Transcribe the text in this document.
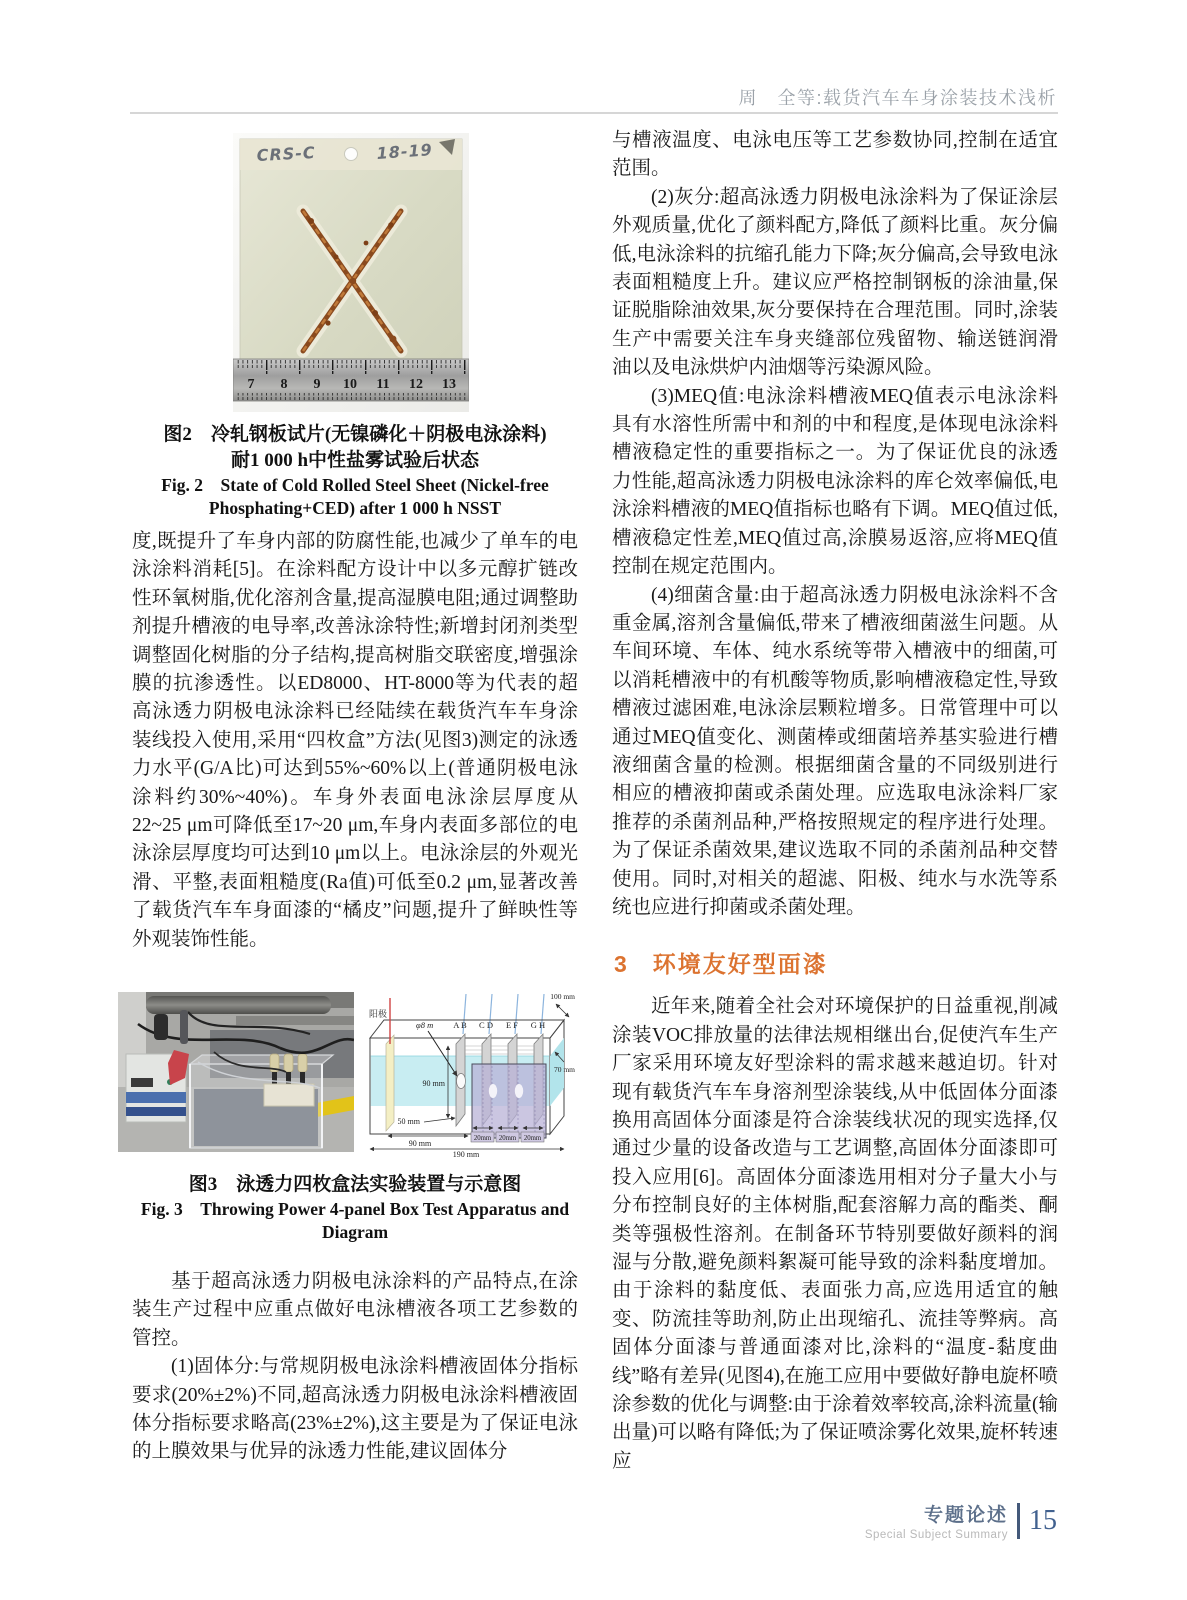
周　全等:载货汽车车身涂装技术浅析
CRS-C	18-19
7 8 9 10 11 12 13
图2　冷轧钢板试片(无镍磷化＋阴极电泳涂料)
耐1 000 h中性盐雾试验后状态
Fig. 2　State of Cold Rolled Steel Sheet (Nickel-free
Phosphating+CED) after 1 000 h NSST

度,既提升了车身内部的防腐性能,也减少了单车的电泳涂料消耗[5]。在涂料配方设计中以多元醇扩链改性环氧树脂,优化溶剂含量,提高湿膜电阻;通过调整助剂提升槽液的电导率,改善泳涂特性;新增封闭剂类型调整固化树脂的分子结构,提高树脂交联密度,增强涂膜的抗渗透性。以ED8000、HT-8000等为代表的超高泳透力阴极电泳涂料已经陆续在载货汽车车身涂装线投入使用,采用“四枚盒”方法(见图3)测定的泳透力水平(G/A比)可达到55%~60%以上(普通阴极电泳涂料约30%~40%)。车身外表面电泳涂层厚度从22~25 μm可降低至17~20 μm,车身内表面多部位的电泳涂层厚度均可达到10 μm以上。电泳涂层的外观光滑、平整,表面粗糙度(Ra值)可低至0.2 μm,显著改善了载货汽车车身面漆的“橘皮”问题,提升了鲜映性等外观装饰性能。

阳极
A B C D E F G H
φ8 m
90 mm
50 mm
20mm 20mm 20mm
90 mm
190 mm
100 mm
70 mm
图3　泳透力四枚盒法实验装置与示意图
Fig. 3　Throwing Power 4-panel Box Test Apparatus and
Diagram

基于超高泳透力阴极电泳涂料的产品特点,在涂装生产过程中应重点做好电泳槽液各项工艺参数的管控。

(1)固体分:与常规阴极电泳涂料槽液固体分指标要求(20%±2%)不同,超高泳透力阴极电泳涂料槽液固体分指标要求略高(23%±2%),这主要是为了保证电泳的上膜效果与优异的泳透力性能,建议固体分

与槽液温度、电泳电压等工艺参数协同,控制在适宜范围。

(2)灰分:超高泳透力阴极电泳涂料为了保证涂层外观质量,优化了颜料配方,降低了颜料比重。灰分偏低,电泳涂料的抗缩孔能力下降;灰分偏高,会导致电泳表面粗糙度上升。建议应严格控制钢板的涂油量,保证脱脂除油效果,灰分要保持在合理范围。同时,涂装生产中需要关注车身夹缝部位残留物、输送链润滑油以及电泳烘炉内油烟等污染源风险。

(3)MEQ值:电泳涂料槽液MEQ值表示电泳涂料具有水溶性所需中和剂的中和程度,是体现电泳涂料槽液稳定性的重要指标之一。为了保证优良的泳透力性能,超高泳透力阴极电泳涂料的库仑效率偏低,电泳涂料槽液的MEQ值指标也略有下调。MEQ值过低,槽液稳定性差,MEQ值过高,涂膜易返溶,应将MEQ值控制在规定范围内。

(4)细菌含量:由于超高泳透力阴极电泳涂料不含重金属,溶剂含量偏低,带来了槽液细菌滋生问题。从车间环境、车体、纯水系统等带入槽液中的细菌,可以消耗槽液中的有机酸等物质,影响槽液稳定性,导致槽液过滤困难,电泳涂层颗粒增多。日常管理中可以通过MEQ值变化、测菌棒或细菌培养基实验进行槽液细菌含量的检测。根据细菌含量的不同级别进行相应的槽液抑菌或杀菌处理。应选取电泳涂料厂家推荐的杀菌剂品种,严格按照规定的程序进行处理。为了保证杀菌效果,建议选取不同的杀菌剂品种交替使用。同时,对相关的超滤、阳极、纯水与水洗等系统也应进行抑菌或杀菌处理。

3 环境友好型面漆

近年来,随着全社会对环境保护的日益重视,削减涂装VOC排放量的法律法规相继出台,促使汽车生产厂家采用环境友好型涂料的需求越来越迫切。针对现有载货汽车车身溶剂型涂装线,从中低固体分面漆换用高固体分面漆是符合涂装线状况的现实选择,仅通过少量的设备改造与工艺调整,高固体分面漆即可投入应用[6]。高固体分面漆选用相对分子量大小与分布控制良好的主体树脂,配套溶解力高的酯类、酮类等强极性溶剂。在制备环节特别要做好颜料的润湿与分散,避免颜料絮凝可能导致的涂料黏度增加。由于涂料的黏度低、表面张力高,应选用适宜的触变、防流挂等助剂,防止出现缩孔、流挂等弊病。高固体分面漆与普通面漆对比,涂料的“温度-黏度曲线”略有差异(见图4),在施工应用中要做好静电旋杯喷涂参数的优化与调整:由于涂着效率较高,涂料流量(输出量)可以略有降低;为了保证喷涂雾化效果,旋杯转速应

专题论述
Special Subject Summary 15
